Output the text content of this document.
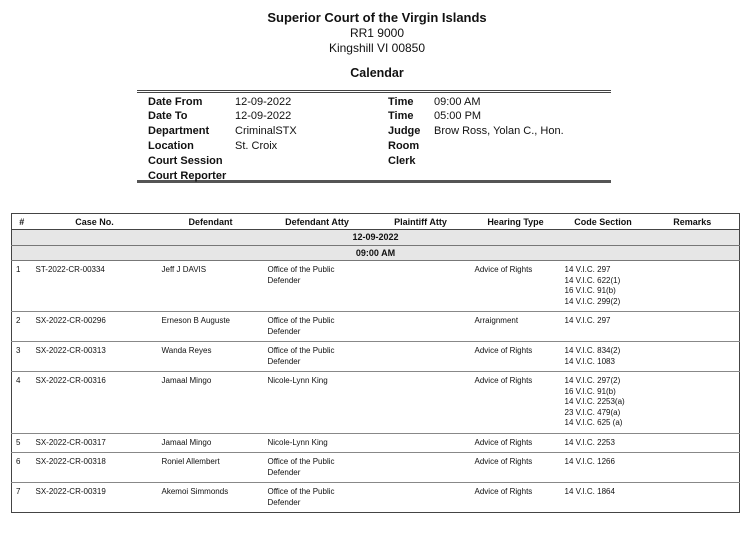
Superior Court of the Virgin Islands
RR1 9000
Kingshill VI 00850
Calendar
Date From	12-09-2022	Time 09:00 AM
Date To	12-09-2022	Time 05:00 PM
Department CriminalSTX	Judge Brow Ross, Yolan C., Hon.
Location	St. Croix	Room
Court Session	Clerk
Court Reporter
#	Case No.	Defendant	Defendant Atty	Plaintiff Atty	Hearing Type	Code Section	Remarks
12-09-2022							
09:00 AM							
1	ST-2022-CR-00334	Jeff J DAVIS	Office of the Public Defender		Advice of Rights	14 V.I.C. 297
14 V.I.C. 622(1)
16 V.I.C. 91(b)
14 V.I.C. 299(2)	

2	SX-2022-CR-00296	Erneson B Auguste	Office of the Public Defender		Arraignment	14 V.I.C. 297	

3	SX-2022-CR-00313	Wanda Reyes	Office of the Public Defender		Advice of Rights	14 V.I.C. 834(2)
14 V.I.C. 1083	

4	SX-2022-CR-00316	Jamaal Mingo	Nicole-Lynn King		Advice of Rights	14 V.I.C. 297(2)
16 V.I.C. 91(b)
14 V.I.C. 2253(a)
23 V.I.C. 479(a)
14 V.I.C. 625 (a)	

5	SX-2022-CR-00317	Jamaal Mingo	Nicole-Lynn King		Advice of Rights	14 V.I.C. 2253	

6	SX-2022-CR-00318	Roniel Allembert	Office of the Public Defender		Advice of Rights	14 V.I.C. 1266	

7	SX-2022-CR-00319	Akemoi Simmonds	Office of the Public Defender		Advice of Rights	14 V.I.C. 1864	
